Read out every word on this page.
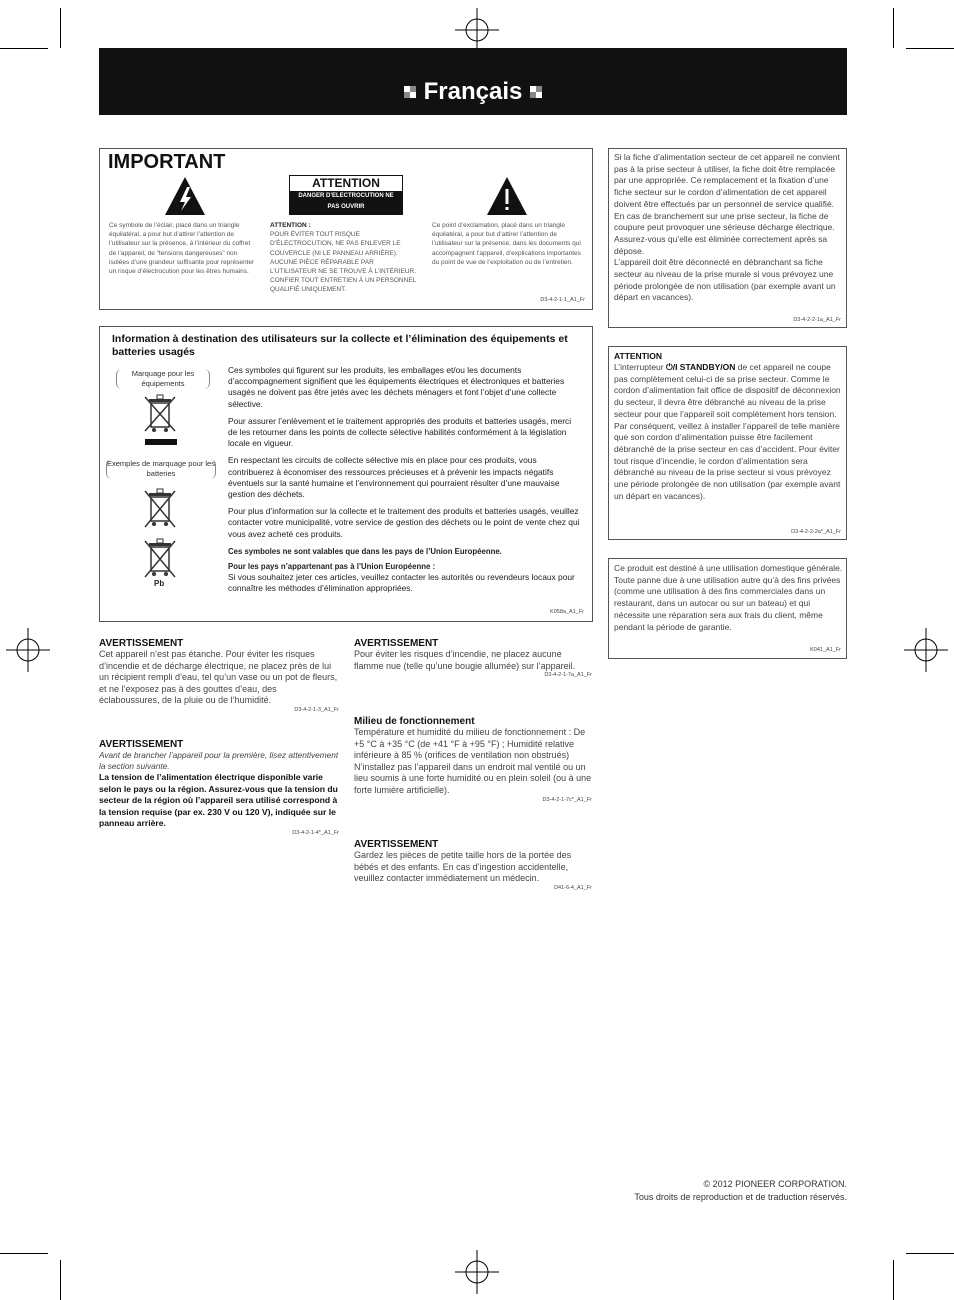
Français
IMPORTANT
Ce symbole de l’éclair, placé dans un triangle équilatéral, a pour but d’attirer l’attention de l’utilisateur sur la présence, à l’intérieur du coffret de l’appareil, de “tensions dangereuses” non isolées d’une grandeur suffisante pour représenter un risque d’électrocution pour les êtres humains.
ATTENTION
DANGER D’ELECTROCUTION NE PAS OUVRIR
ATTENTION :
POUR ÉVITER TOUT RISQUE D’ÉLECTROCUTION, NE PAS ENLEVER LE COUVERCLE (NI LE PANNEAU ARRIÈRE). AUCUNE PIÈCE RÉPARABLE PAR L’UTILISATEUR NE SE TROUVE À L’INTÉRIEUR. CONFIER TOUT ENTRETIEN À UN PERSONNEL QUALIFIÉ UNIQUEMENT.
Ce point d’exclamation, placé dans un triangle équilatéral, a pour but d’attirer l’attention de l’utilisateur sur la présence, dans les documents qui accompagnent l’appareil, d’explications importantes du point de vue de l’exploitation ou de l’entretien.
D3-4-2-1-1_A1_Fr
Information à destination des utilisateurs sur la collecte et l’élimination des équipements et batteries usagés
Marquage pour les équipements
Exemples de marquage pour les batteries
Pb
Ces symboles qui figurent sur les produits, les emballages et/ou les documents d’accompagnement signifient que les équipements électriques et électroniques et batteries usagés ne doivent pas être jetés avec les déchets ménagers et font l’objet d’une collecte sélective.
Pour assurer l’enlèvement et le traitement appropriés des produits et batteries usagés, merci de les retourner dans les points de collecte sélective habilités conformément à la législation locale en vigueur.
En respectant les circuits de collecte sélective mis en place pour ces produits, vous contribuerez à économiser des ressources précieuses et à prévenir les impacts négatifs éventuels sur la santé humaine et l’environnement qui pourraient résulter d’une mauvaise gestion des déchets.
Pour plus d’information sur la collecte et le traitement des produits et batteries usagés, veuillez contacter votre municipalité, votre service de gestion des déchets ou le point de vente chez qui vous avez acheté ces produits.
Ces symboles ne sont valables que dans les pays de l’Union Européenne.
Pour les pays n’appartenant pas à l’Union Européenne :
Si vous souhaitez jeter ces articles, veuillez contacter les autorités ou revendeurs locaux pour connaître les méthodes d’élimination appropriées.
K058a_A1_Fr
Si la fiche d’alimentation secteur de cet appareil ne convient pas à la prise secteur à utiliser, la fiche doit être remplacée par une appropriée. Ce remplacement et la fixation d’une fiche secteur sur le cordon d’alimentation de cet appareil doivent être effectués par un personnel de service qualifié. En cas de branchement sur une prise secteur, la fiche de coupure peut provoquer une sérieuse décharge électrique. Assurez-vous qu’elle est éliminée correctement après sa dépose.
L’appareil doit être déconnecté en débranchant sa fiche secteur au niveau de la prise murale si vous prévoyez une période prolongée de non utilisation (par exemple avant un départ en vacances).
D3-4-2-2-1a_A1_Fr
ATTENTION
L’interrupteur ⏻/I STANDBY/ON de cet appareil ne coupe pas complètement celui-ci de sa prise secteur. Comme le cordon d’alimentation fait office de dispositif de déconnexion du secteur, il devra être débranché au niveau de la prise secteur pour que l’appareil soit complètement hors tension. Par conséquent, veillez à installer l’appareil de telle manière que son cordon d’alimentation puisse être facilement débranché de la prise secteur en cas d’accident. Pour éviter tout risque d’incendie, le cordon d’alimentation sera débranché au niveau de la prise secteur si vous prévoyez une période prolongée de non utilisation (par exemple avant un départ en vacances).
D3-4-2-2-2a*_A1_Fr
Ce produit est destiné à une utilisation domestique générale. Toute panne due à une utilisation autre qu’à des fins privées (comme une utilisation à des fins commerciales dans un restaurant, dans un autocar ou sur un bateau) et qui nécessite une réparation sera aux frais du client, même pendant la période de garantie.
K041_A1_Fr
AVERTISSEMENT
Cet appareil n’est pas étanche. Pour éviter les risques d’incendie et de décharge électrique, ne placez près de lui un récipient rempli d’eau, tel qu’un vase ou un pot de fleurs, et ne l’exposez pas à des gouttes d’eau, des éclaboussures, de la pluie ou de l’humidité.
D3-4-2-1-3_A1_Fr
AVERTISSEMENT
Avant de brancher l’appareil pour la première, lisez attentivement la section suivante.
La tension de l’alimentation électrique disponible varie selon le pays ou la région. Assurez-vous que la tension du secteur de la région où l’appareil sera utilisé correspond à la tension requise (par ex. 230 V ou 120 V), indiquée sur le panneau arrière.
D3-4-2-1-4*_A1_Fr
AVERTISSEMENT
Pour éviter les risques d’incendie, ne placez aucune flamme nue (telle qu’une bougie allumée) sur l’appareil.
D3-4-2-1-7a_A1_Fr
Milieu de fonctionnement
Température et humidité du milieu de fonctionnement : De +5 °C à +35 °C (de +41 °F à +95 °F) ; Humidité relative inférieure à 85 % (orifices de ventilation non obstrués)
N’installez pas l’appareil dans un endroit mal ventilé ou un lieu soumis à une forte humidité ou en plein soleil (ou à une forte lumière artificielle).
D3-4-2-1-7c*_A1_Fr
AVERTISSEMENT
Gardez les pièces de petite taille hors de la portée des bébés et des enfants. En cas d’ingestion accidentelle, veuillez contacter immédiatement un médecin.
D41-6-4_A1_Fr
© 2012 PIONEER CORPORATION.
Tous droits de reproduction et de traduction réservés.
